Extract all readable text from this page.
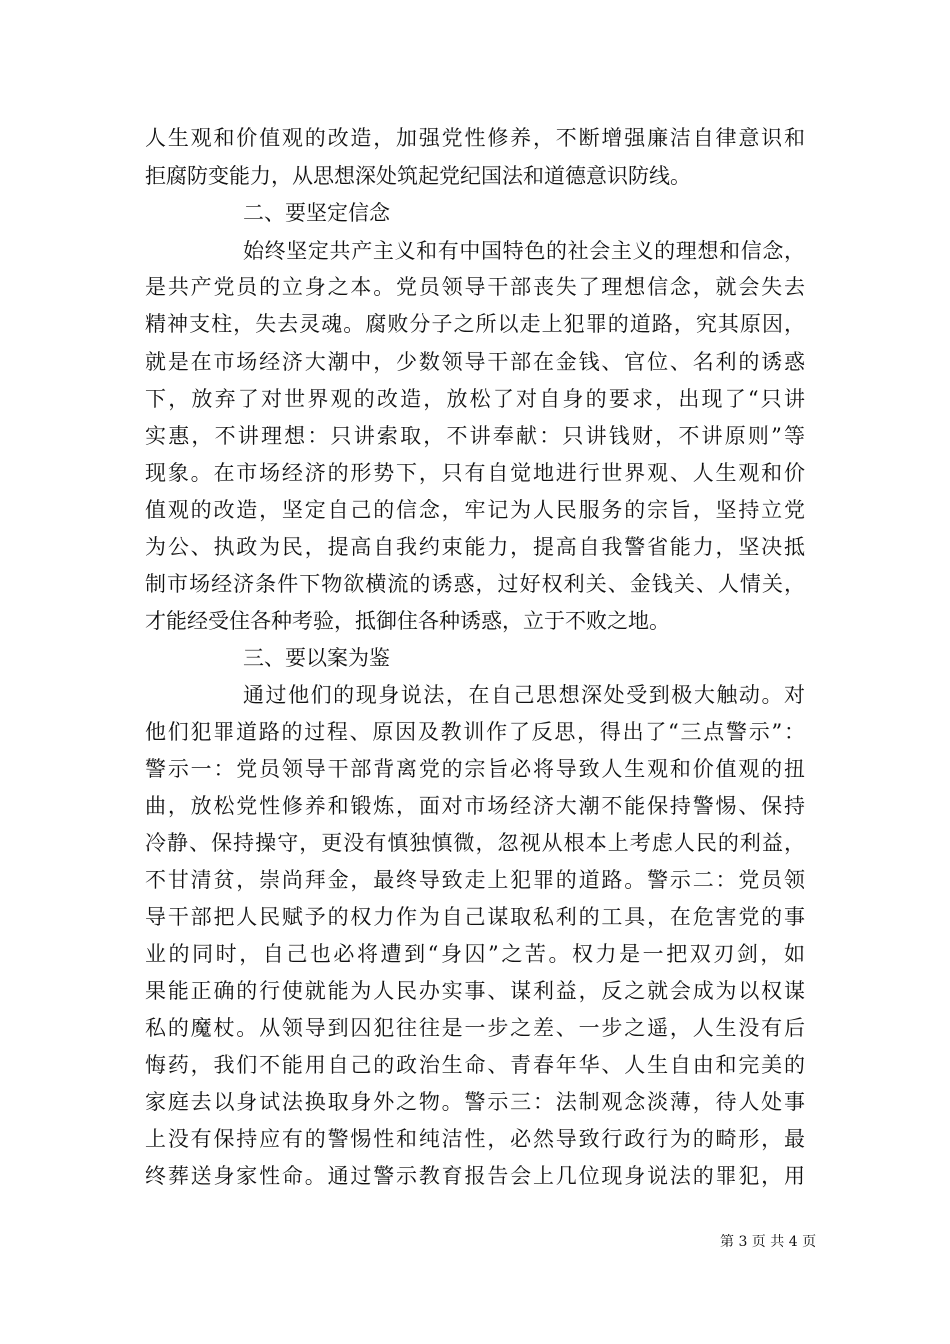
人生观和价值观的改造，加强党性修养，不断增强廉洁自律意识和
拒腐防变能力，从思想深处筑起党纪国法和道德意识防线。
二、要坚定信念
始终坚定共产主义和有中国特色的社会主义的理想和信念，
是共产党员的立身之本。党员领导干部丧失了理想信念，就会失去
精神支柱，失去灵魂。腐败分子之所以走上犯罪的道路，究其原因，
就是在市场经济大潮中，少数领导干部在金钱、官位、名利的诱惑
下，放弃了对世界观的改造，放松了对自身的要求，出现了“只讲
实惠，不讲理想：只讲索取，不讲奉献：只讲钱财，不讲原则”等
现象。在市场经济的形势下，只有自觉地进行世界观、人生观和价
值观的改造，坚定自己的信念，牢记为人民服务的宗旨，坚持立党
为公、执政为民，提高自我约束能力，提高自我警省能力，坚决抵
制市场经济条件下物欲横流的诱惑，过好权利关、金钱关、人情关，
才能经受住各种考验，抵御住各种诱惑，立于不败之地。
三、要以案为鉴
通过他们的现身说法，在自己思想深处受到极大触动。对
他们犯罪道路的过程、原因及教训作了反思，得出了“三点警示”：
警示一：党员领导干部背离党的宗旨必将导致人生观和价值观的扭
曲，放松党性修养和锻炼，面对市场经济大潮不能保持警惕、保持
冷静、保持操守，更没有慎独慎微，忽视从根本上考虑人民的利益，
不甘清贫，崇尚拜金，最终导致走上犯罪的道路。警示二：党员领
导干部把人民赋予的权力作为自己谋取私利的工具，在危害党的事
业的同时，自己也必将遭到“身囚”之苦。权力是一把双刃剑，如
果能正确的行使就能为人民办实事、谋利益，反之就会成为以权谋
私的魔杖。从领导到囚犯往往是一步之差、一步之遥，人生没有后
悔药，我们不能用自己的政治生命、青春年华、人生自由和完美的
家庭去以身试法换取身外之物。警示三：法制观念淡薄，待人处事
上没有保持应有的警惕性和纯洁性，必然导致行政行为的畸形，最
终葬送身家性命。通过警示教育报告会上几位现身说法的罪犯，用
第 3 页 共 4 页
